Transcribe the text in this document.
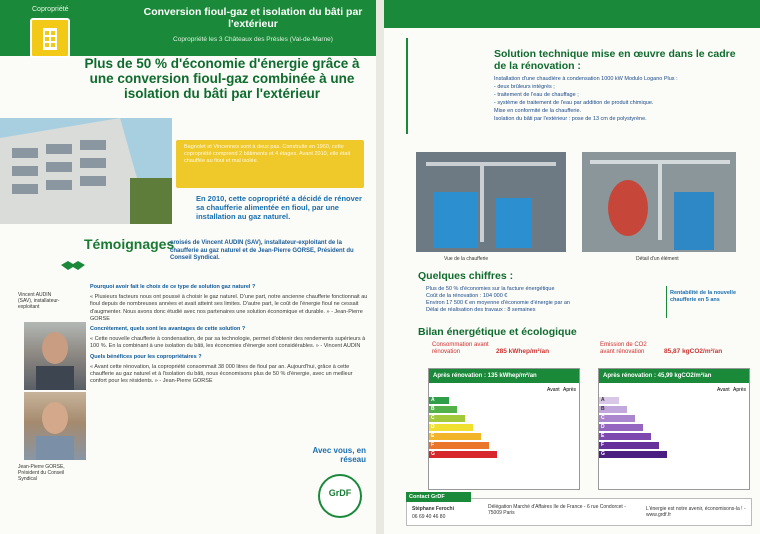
Copropriété	Conversion fioul-gaz et isolation du bâti par l'extérieur
Copropriété les 3 Châteaux des Présles (Val-de-Marne)
Plus de 50 % d'économie d'énergie grâce à une conversion fioul-gaz combinée à une isolation du bâti par l'extérieur
Bagnolet et Vincennes sont à deux pas. Construite en 1960, cette copropriété comprend 2 bâtiments et 4 étages. Avant 2010, elle était chauffée au fioul et mal isolée.
En 2010, cette copropriété a décidé de rénover sa chaufferie alimentée en fioul, par une installation au gaz naturel.
Témoignages
croisés de Vincent AUDIN (SAV), installateur-exploitant de la chaufferie au gaz naturel et de Jean-Pierre GORSE, Président du Conseil Syndical.
Vincent AUDIN (SAV), installateur-exploitant
Jean-Pierre GORSE, Président du Conseil Syndical

Pourquoi avoir fait le choix de ce type de solution gaz naturel ?

« Plusieurs facteurs nous ont poussé à choisir le gaz naturel. D'une part, notre ancienne chaufferie fonctionnait au fioul depuis de nombreuses années et avait atteint ses limites. D'autre part, le coût de l'énergie fioul ne cessait d'augmenter. Nous avons donc étudié avec nos partenaires une solution économique et durable. » - Jean-Pierre GORSE

Concrètement, quels sont les avantages de cette solution ?

« Cette nouvelle chaufferie à condensation, de par sa technologie, permet d'obtenir des rendements supérieurs à 100 %. En la combinant à une isolation du bâti, les économies d'énergie sont considérables. » - Vincent AUDIN

Quels bénéfices pour les copropriétaires ?

« Avant cette rénovation, la copropriété consommait 38 000 litres de fioul par an. Aujourd'hui, grâce à cette chaufferie au gaz naturel et à l'isolation du bâti, nous économisons plus de 50 % d'énergie, avec un meilleur confort pour les résidents. » - Jean-Pierre GORSE

Avec vous, en réseau
GrDF
Solution technique mise en œuvre dans le cadre de la rénovation :
Installation d'une chaudière à condensation 1000 kW Modulo Logano Plus :
- deux brûleurs intégrés ;
- traitement de l'eau de chauffage ;
- système de traitement de l'eau par addition de produit chimique.
Mise en conformité de la chaufferie.
Isolation du bâti par l'extérieur : pose de 13 cm de polystyrène.
Vue de la chaufferie	Détail d'un élément
Quelques chiffres :
Plus de 50 % d'économies sur la facture énergétique
Coût de la rénovation : 104 000 €
Environ 17 500 € en moyenne d'économie d'énergie par an
Délai de réalisation des travaux : 8 semaines
Rentabilité de la nouvelle chaufferie en 5 ans
Bilan énergétique et écologique
Consommation avant rénovation	285 kWhep/m²/an
Emission de CO2 avant rénovation	85,87 kgCO2/m²/an
Après rénovation : 135 kWhep/m²/an
Avant Après
A
B
C
D
E
F
G
Après rénovation : 45,99 kgCO2/m²/an
Avant Après
A
B
C
D
E
F
G
Contact GrDF
Stéphane Ferochi
06 69 40 46 80
Délégation Marché d'Affaires Ile de France - 6 rue Condorcet - 75009 Paris
L'énergie est notre avenir, économisons-la ! - www.grdf.fr
